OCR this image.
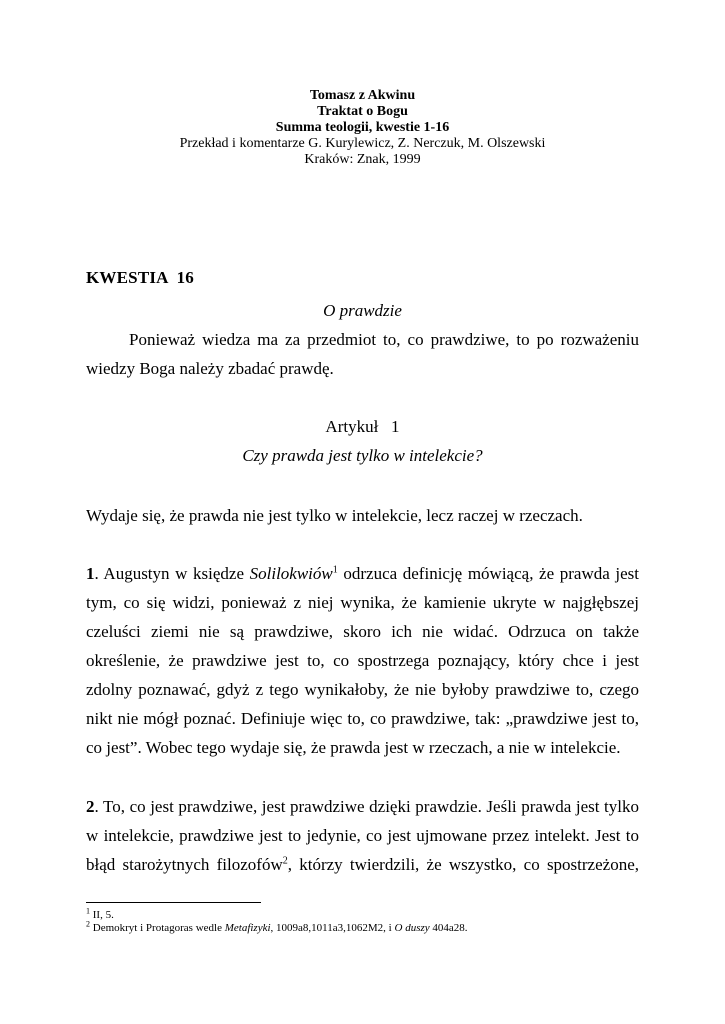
Tomasz z Akwinu
Traktat o Bogu
Summa teologii, kwestie 1-16
Przekład i komentarze G. Kurylewicz, Z. Nerczuk, M. Olszewski
Kraków: Znak, 1999
KWESTIA  16
O prawdzie
Ponieważ wiedza ma za przedmiot to, co prawdziwe, to po rozważeniu
wiedzy Boga należy zbadać prawdę.
Artykuł   1
Czy prawda jest tylko w intelekcie?
Wydaje się, że prawda nie jest tylko w intelekcie, lecz raczej w rzeczach.
1. Augustyn w księdze Solilokwiów$^1$ odrzuca definicję mówiącą, że prawda jest
tym, co się widzi, ponieważ z niej wynika, że kamienie ukryte w najgłębszej
czeluści ziemi nie są prawdziwe, skoro ich nie widać. Odrzuca on także
określenie, że prawdziwe jest to, co spostrzega poznający, który chce i jest
zdolny poznawać, gdyż z tego wynikałoby, że nie byłoby prawdziwe to, czego
nikt nie mógł poznać. Definiuje więc to, co prawdziwe, tak: „prawdziwe jest to,
co jest”. Wobec tego wydaje się, że prawda jest w rzeczach, a nie w intelekcie.
2. To, co jest prawdziwe, jest prawdziwe dzięki prawdzie. Jeśli prawda jest tylko
w intelekcie, prawdziwe jest to jedynie, co jest ujmowane przez intelekt. Jest to
błąd starożytnych filozofów$^2$, którzy twierdzili, że wszystko, co spostrzeżone,
$^1$ II, 5.
$^2$ Demokryt i Protagoras wedle Metafizyki, 1009a8,1011a3,1062M2, i O duszy 404a28.
